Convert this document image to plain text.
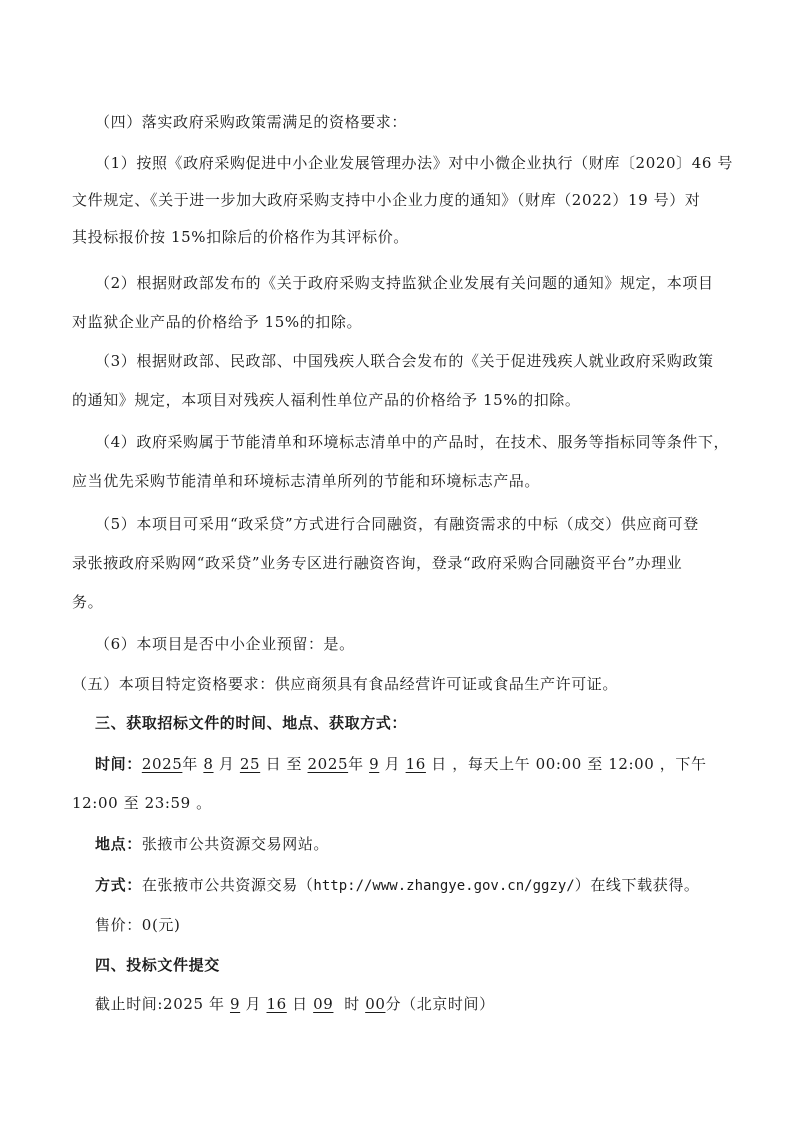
（四）落实政府采购政策需满足的资格要求：
（1）按照《政府采购促进中小企业发展管理办法》对中小微企业执行（财库〔2020〕46 号
文件规定、《关于进一步加大政府采购支持中小企业力度的通知》（财库（2022）19 号）对
其投标报价按 15%扣除后的价格作为其评标价。
（2）根据财政部发布的《关于政府采购支持监狱企业发展有关问题的通知》规定，本项目
对监狱企业产品的价格给予 15%的扣除。
（3）根据财政部、民政部、中国残疾人联合会发布的《关于促进残疾人就业政府采购政策
的通知》规定，本项目对残疾人福利性单位产品的价格给予 15%的扣除。
（4）政府采购属于节能清单和环境标志清单中的产品时，在技术、服务等指标同等条件下，
应当优先采购节能清单和环境标志清单所列的节能和环境标志产品。
（5）本项目可采用“政采贷”方式进行合同融资，有融资需求的中标（成交）供应商可登
录张掖政府采购网“政采贷”业务专区进行融资咨询，登录“政府采购合同融资平台”办理业
务。
（6）本项目是否中小企业预留：是。
（五）本项目特定资格要求：供应商须具有食品经营许可证或食品生产许可证。
三、获取招标文件的时间、地点、获取方式：
时间：2025年 8 月 25 日 至 2025年 9 月 16 日 ，每天上午 00:00 至 12:00 ，下午
12:00 至 23:59 。
地点：张掖市公共资源交易网站。
方式：在张掖市公共资源交易（http://www.zhangye.gov.cn/ggzy/）在线下载获得。
售价：0(元)
四、投标文件提交
截止时间:2025 年 9 月 16 日 09 时 00分（北京时间）
